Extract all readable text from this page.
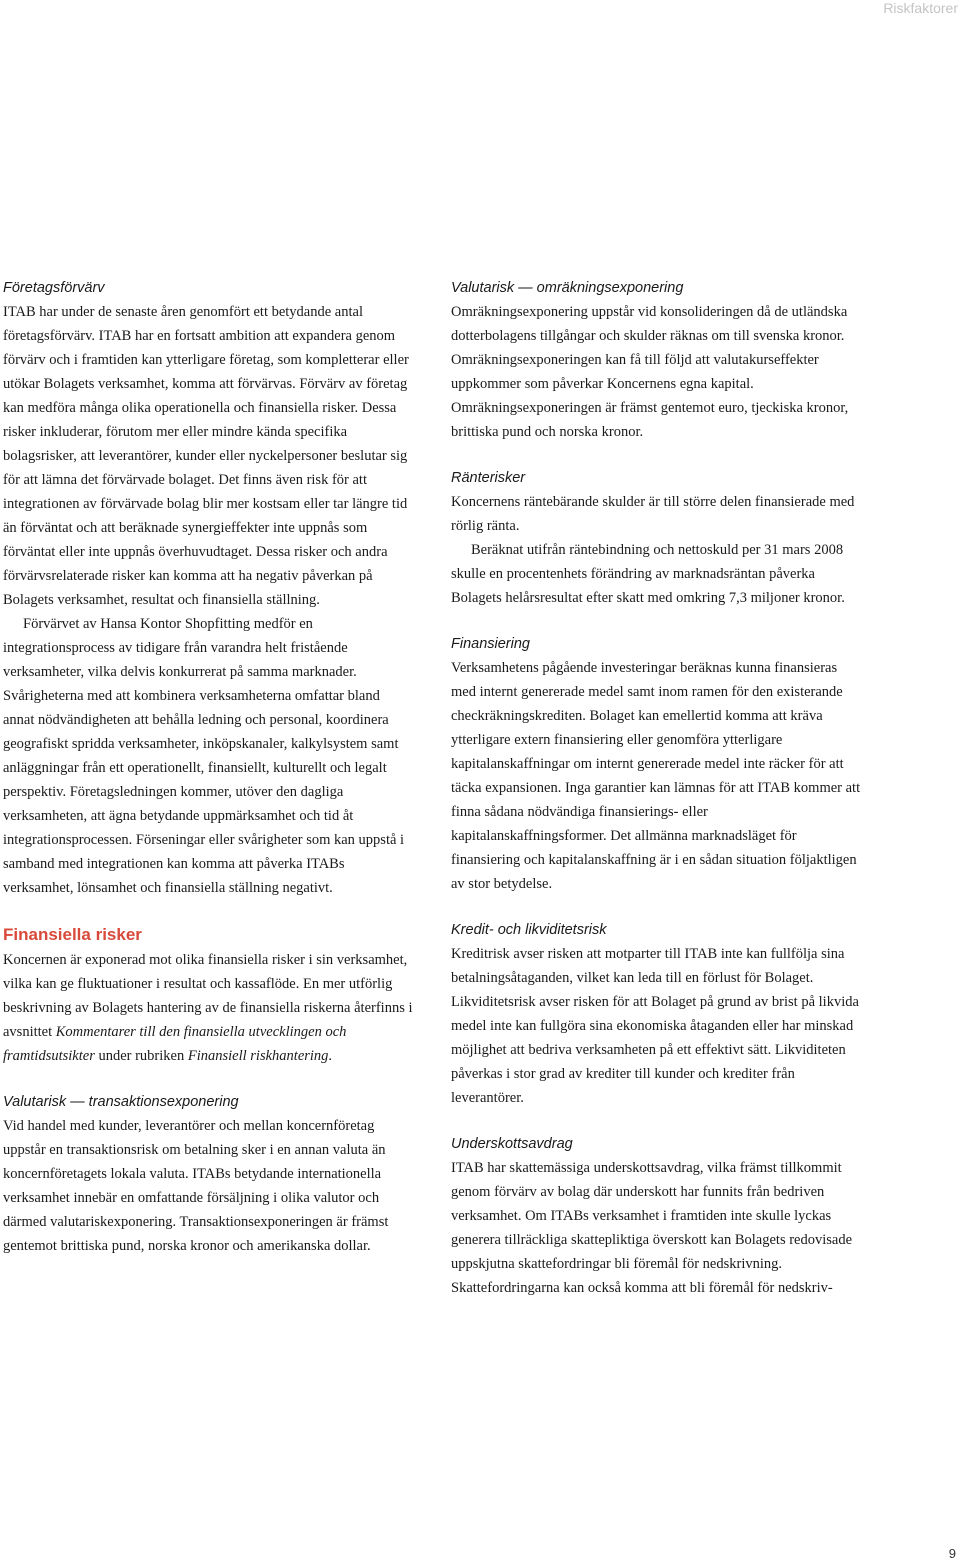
Riskfaktorer
Företagsförvärv

ITAB har under de senaste åren genomfört ett betydande antal företagsförvärv. ITAB har en fortsatt ambition att expandera genom förvärv och i framtiden kan ytterligare företag, som kompletterar eller utökar Bolagets verksamhet, komma att förvärvas. Förvärv av företag kan medföra många olika operationella och finansiella risker. Dessa risker inkluderar, förutom mer eller mindre kända specifika bolagsrisker, att leverantörer, kunder eller nyckelpersoner beslutar sig för att lämna det förvärvade bolaget. Det finns även risk för att integrationen av förvärvade bolag blir mer kostsam eller tar längre tid än förväntat och att beräknade synergieffekter inte uppnås som förväntat eller inte uppnås överhuvudtaget. Dessa risker och andra förvärvsrelaterade risker kan komma att ha negativ påverkan på Bolagets verksamhet, resultat och finansiella ställning.

Förvärvet av Hansa Kontor Shopfitting medför en integrationsprocess av tidigare från varandra helt fristående verksamheter, vilka delvis konkurrerat på samma marknader. Svårigheterna med att kombinera verksamheterna omfattar bland annat nödvändigheten att behålla ledning och personal, koordinera geografiskt spridda verksamheter, inköpskanaler, kalkylsystem samt anläggningar från ett operationellt, finansiellt, kulturellt och legalt perspektiv. Företagsledningen kommer, utöver den dagliga verksamheten, att ägna betydande uppmärksamhet och tid åt integrationsprocessen. Förseningar eller svårigheter som kan uppstå i samband med integrationen kan komma att påverka ITABs verksamhet, lönsamhet och finansiella ställning negativt.

Finansiella risker

Koncernen är exponerad mot olika finansiella risker i sin verksamhet, vilka kan ge fluktuationer i resultat och kassaflöde. En mer utförlig beskrivning av Bolagets hantering av de finansiella riskerna återfinns i avsnittet Kommentarer till den finansiella utvecklingen och framtidsutsikter under rubriken Finansiell riskhantering.

Valutarisk — transaktionsexponering

Vid handel med kunder, leverantörer och mellan koncernföretag uppstår en transaktionsrisk om betalning sker i en annan valuta än koncernföretagets lokala valuta. ITABs betydande internationella verksamhet innebär en omfattande försäljning i olika valutor och därmed valutariskexponering. Transaktionsexponeringen är främst gentemot brittiska pund, norska kronor och amerikanska dollar.

Valutarisk — omräkningsexponering

Omräkningsexponering uppstår vid konsolideringen då de utländska dotterbolagens tillgångar och skulder räknas om till svenska kronor. Omräkningsexponeringen kan få till följd att valutakurseffekter uppkommer som påverkar Koncernens egna kapital. Omräkningsexponeringen är främst gentemot euro, tjeckiska kronor, brittiska pund och norska kronor.

Ränterisker

Koncernens räntebärande skulder är till större delen finansierade med rörlig ränta.

Beräknat utifrån räntebindning och nettoskuld per 31 mars 2008 skulle en procentenhets förändring av marknadsräntan påverka Bolagets helårsresultat efter skatt med omkring 7,3 miljoner kronor.

Finansiering

Verksamhetens pågående investeringar beräknas kunna finansieras med internt genererade medel samt inom ramen för den existerande checkräkningskrediten. Bolaget kan emellertid komma att kräva ytterligare extern finansiering eller genomföra ytterligare kapitalanskaffningar om internt genererade medel inte räcker för att täcka expansionen. Inga garantier kan lämnas för att ITAB kommer att finna sådana nödvändiga finansierings- eller kapitalanskaffningsformer. Det allmänna marknadsläget för finansiering och kapitalanskaffning är i en sådan situation följaktligen av stor betydelse.

Kredit- och likviditetsrisk

Kreditrisk avser risken att motparter till ITAB inte kan fullfölja sina betalningsåtaganden, vilket kan leda till en förlust för Bolaget. Likviditetsrisk avser risken för att Bolaget på grund av brist på likvida medel inte kan fullgöra sina ekonomiska åtaganden eller har minskad möjlighet att bedriva verksamheten på ett effektivt sätt. Likviditeten påverkas i stor grad av krediter till kunder och krediter från leverantörer.

Underskottsavdrag

ITAB har skattemässiga underskottsavdrag, vilka främst tillkommit genom förvärv av bolag där underskott har funnits från bedriven verksamhet. Om ITABs verksamhet i framtiden inte skulle lyckas generera tillräckliga skattepliktiga överskott kan Bolagets redovisade uppskjutna skattefordringar bli föremål för nedskrivning. Skattefordringarna kan också komma att bli föremål för nedskriv-

9
